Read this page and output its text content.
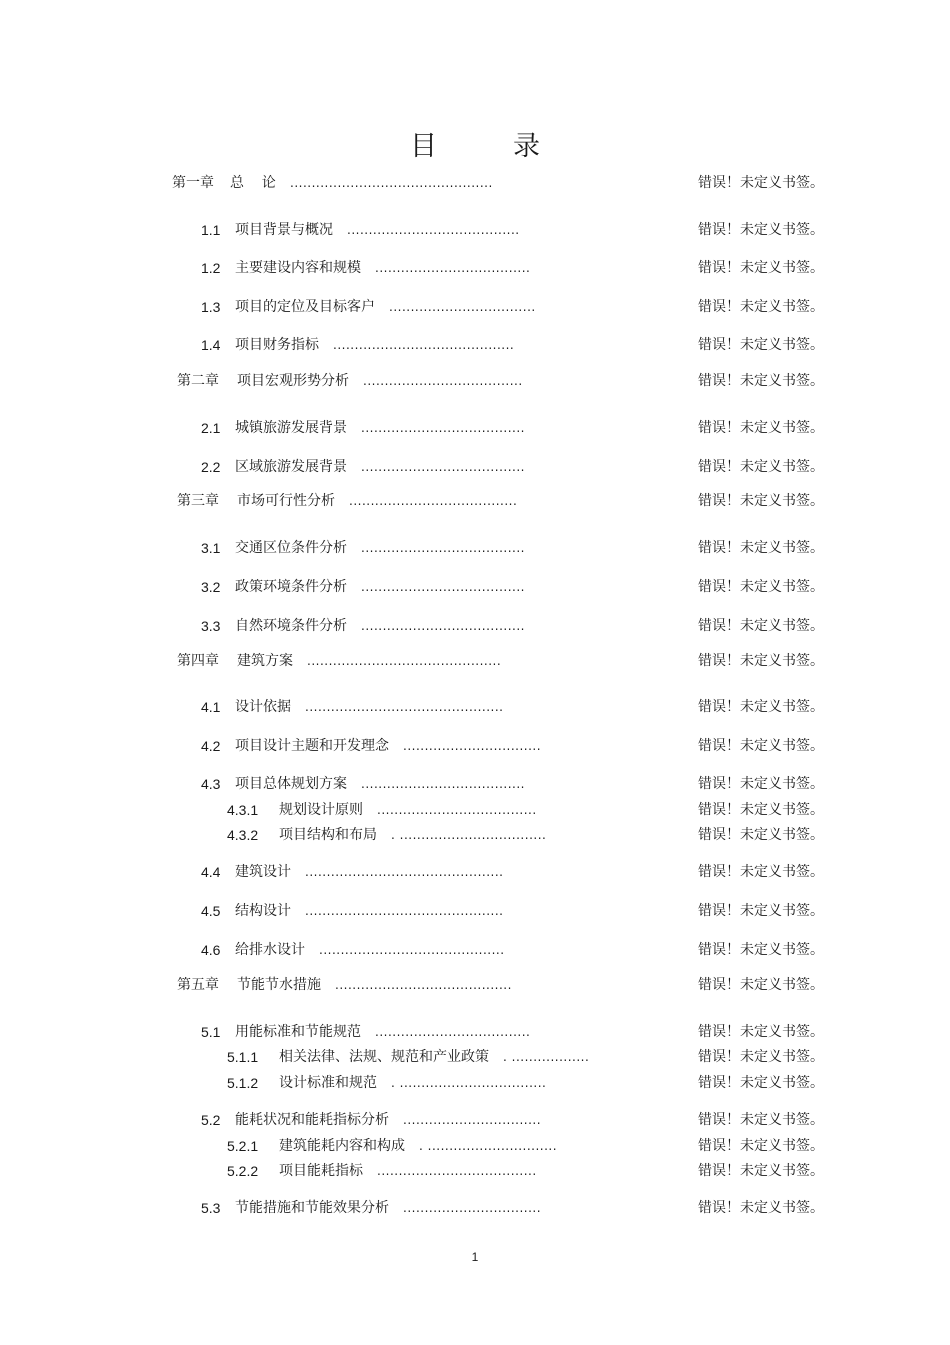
目	录
第一章 总    论 ...............................................	错误！未定义书签。
1.1 项目背景与概况 ........................................	错误！未定义书签。
1.2 主要建设内容和规模 ....................................	错误！未定义书签。
1.3 项目的定位及目标客户 ..................................	错误！未定义书签。
1.4 项目财务指标 ..........................................	错误！未定义书签。
第二章 项目宏观形势分析 .....................................	错误！未定义书签。
2.1 城镇旅游发展背景 ......................................	错误！未定义书签。
2.2 区域旅游发展背景 ......................................	错误！未定义书签。
第三章 市场可行性分析 .......................................	错误！未定义书签。
3.1 交通区位条件分析 ......................................	错误！未定义书签。
3.2 政策环境条件分析 ......................................	错误！未定义书签。
3.3 自然环境条件分析 ......................................	错误！未定义书签。
第四章 建筑方案 .............................................	错误！未定义书签。
4.1 设计依据 ..............................................	错误！未定义书签。
4.2 项目设计主题和开发理念 ................................	错误！未定义书签。
4.3 项目总体规划方案 ......................................	错误！未定义书签。
4.3.1 规划设计原则 .....................................	错误！未定义书签。
4.3.2 项目结构和布局 . ..................................	错误！未定义书签。
4.4 建筑设计 ..............................................	错误！未定义书签。
4.5 结构设计 ..............................................	错误！未定义书签。
4.6 给排水设计 ...........................................	错误！未定义书签。
第五章 节能节水措施 .........................................	错误！未定义书签。
5.1 用能标准和节能规范 ....................................	错误！未定义书签。
5.1.1 相关法律、法规、规范和产业政策 . ..................	错误！未定义书签。
5.1.2 设计标准和规范 . ..................................	错误！未定义书签。
5.2 能耗状况和能耗指标分析 ................................	错误！未定义书签。
5.2.1 建筑能耗内容和构成 . ..............................	错误！未定义书签。
5.2.2 项目能耗指标 .....................................	错误！未定义书签。
5.3 节能措施和节能效果分析 ................................	错误！未定义书签。
1
